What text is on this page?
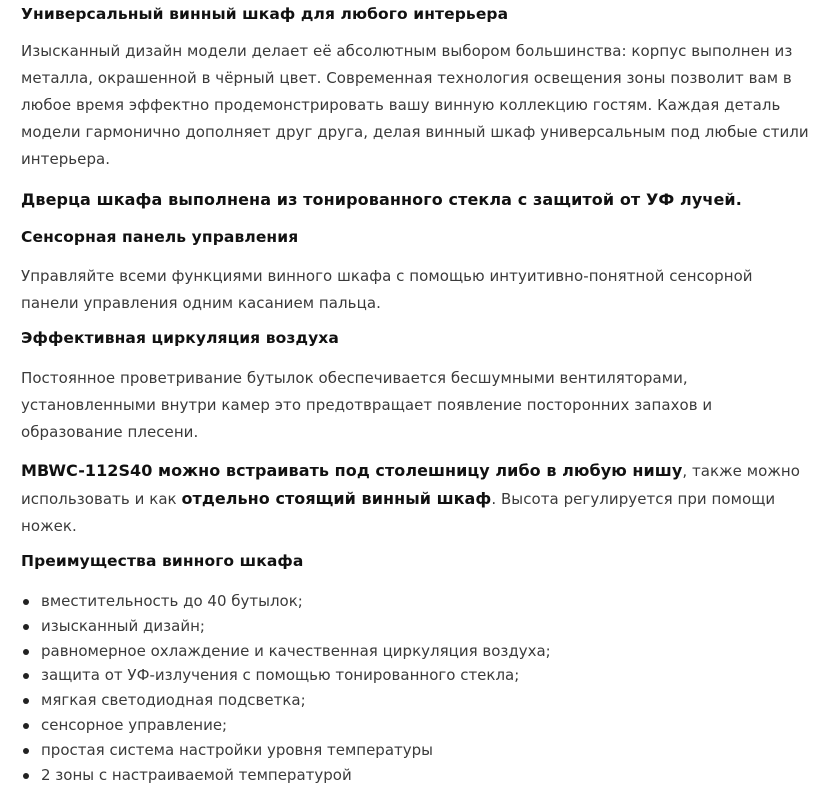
Универсальный винный шкаф для любого интерьера

Изысканный дизайн модели делает её абсолютным выбором большинства: корпус выполнен из металла, окрашенной в чёрный цвет. Современная технология освещения зоны позволит вам в любое время эффектно продемонстрировать вашу винную коллекцию гостям. Каждая деталь модели гармонично дополняет друг друга, делая винный шкаф универсальным под любые стили интерьера.

Дверца шкафа выполнена из тонированного стекла с защитой от УФ лучей.
Сенсорная панель управления

Управляйте всеми функциями винного шкафа с помощью интуитивно-понятной сенсорной панели управления одним касанием пальца.

Эффективная циркуляция воздуха

Постоянное проветривание бутылок обеспечивается бесшумными вентиляторами, установленными внутри камер это предотвращает появление посторонних запахов и образование плесени.

MBWC-112S40 можно встраивать под столешницу либо в любую нишу, также можно использовать и как отдельно стоящий винный шкаф. Высота регулируется при помощи ножек.

Преимущества винного шкафа
вместительность до 40 бутылок;
изысканный дизайн;
равномерное охлаждение и качественная циркуляция воздуха;
защита от УФ-излучения с помощью тонированного стекла;
мягкая светодиодная подсветка;
сенсорное управление;
простая система настройки уровня температуры
2 зоны с настраиваемой температурой
